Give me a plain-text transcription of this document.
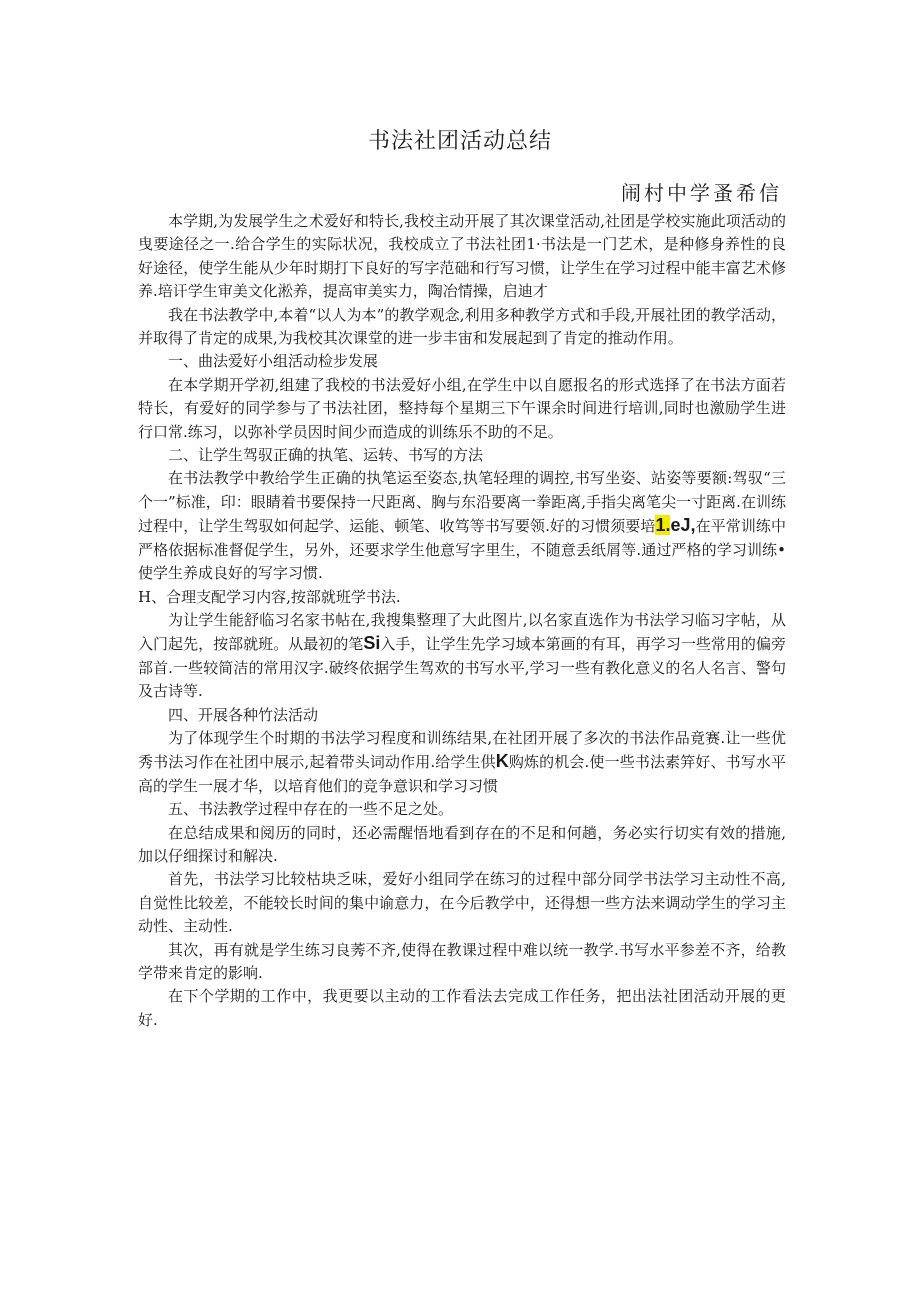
书法社团活动总结
闹村中学蚤希信

本学期,为发展学生之术爱好和特长,我校主动开展了其次课堂活动,社团是学校实施此项活动的曳要途径之一.给合学生的实际状况，我校成立了书法社团1·书法是一门艺术，是种修身养性的良好途径，使学生能从少年时期打下良好的写字范础和行写习惯，让学生在学习过程中能丰富艺术修养.培讦学生审美文化淞养，提高审美实力，陶冶情操，启迪才

我在书法教学中,本着“以人为本”的教学观念,利用多种教学方式和手段,开展社团的教学活动，并取得了肯定的成果,为我校其次课堂的进一步丰宙和发展起到了肯定的推动作用。

一、曲法爱好小组活动检步发展

在本学期开学初,组建了我校的书法爱好小组,在学生中以自愿报名的形式选择了在书法方面若特长，有爱好的同学参与了书法社团，整持每个星期三下午课余时间进行培训,同时也激励学生进行口常.练习，以弥补学员因时间少而造成的训练乐不助的不足。

二、让学生驾驭正确的执笔、运转、书写的方法

在书法教学中教给学生正确的执笔运至姿态,执笔轻理的调控,书写坐姿、站姿等要额:驾驭“三个一”标准，印：眼睛着书要保持一尺距离、胸与东沿要离一拳距离,手指尖离笔尖一寸距离.在训练过程中，让学生驾驭如何起学、运能、顿笔、收笃等书写要领.好的习惯须要培1.eJ,在平常训练中严格依据标准督促学生，另外，还要求学生他意写字里生，不随意丢纸屑等.通过严格的学习训练•使学生养成良好的写字习惯.

H、合理支配学习内容,按部就班学书法.

为让学生能舒临习名家书帖在,我搜集整理了大此图片,以名家直选作为书法学习临习字帖，从入门起先，按部就班。从最初的笔Si入手，让学生先学习域本第画的有耳，再学习一些常用的偏旁部首.一些较简洁的常用汉字.破终依据学生驾欢的书写水平,学习一些有教化意义的名人名言、警句及古诗等.

四、开展各种竹法活动

为了体现学生个时期的书法学习程度和训练结果,在社团开展了多次的书法作品竟赛.让一些优秀书法习作在社团中展示,起着带头词动作用.给学生供K购炼的机会.使一些书法素笄好、书写水平高的学生一展才华，以培育他们的竞争意识和学习习惯

五、书法教学过程中存在的一些不足之处。

在总结成果和阅历的同时，还必需醒悟地看到存在的不足和何趟，务必实行切实有效的措施,加以仔细探讨和解决.

首先，书法学习比较枯块乏味，爱好小组同学在练习的过程中部分同学书法学习主动性不高,自觉性比较差，不能较长时间的集中谕意力，在今后教学中，还得想一些方法来调动学生的学习主动性、主动性.

其次，再有就是学生练习良莠不齐,使得在教课过程中难以统一教学.书写水平参差不齐，给教学带来肯定的影响.

在下个学期的工作中，我更要以主动的工作看法去完成工作任务，把出法社团活动开展的更好.
